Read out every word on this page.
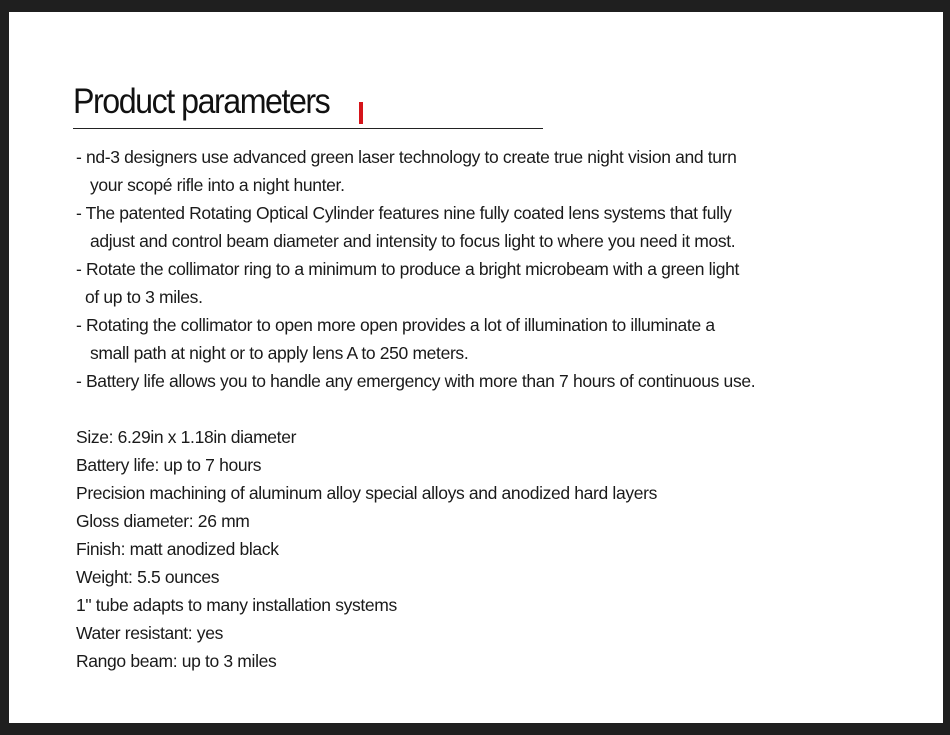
Product parameters
- nd-3 designers use advanced green laser technology to create true night vision and turn
your scopé rifle into a night hunter.
- The patented Rotating Optical Cylinder features nine fully coated lens systems that fully
adjust and control beam diameter and intensity to focus light to where you need it most.
- Rotate the collimator ring to a minimum to produce a bright microbeam with a green light
of up to 3 miles.
- Rotating the collimator to open more open provides a lot of illumination to illuminate a
small path at night or to apply lens A to 250 meters.
- Battery life allows you to handle any emergency with more than 7 hours of continuous use.
Size: 6.29in x 1.18in diameter
Battery life: up to 7 hours
Precision machining of aluminum alloy special alloys and anodized hard layers
Gloss diameter: 26 mm
Finish: matt anodized black
Weight: 5.5 ounces
1" tube adapts to many installation systems
Water resistant: yes
Rango beam: up to 3 miles
